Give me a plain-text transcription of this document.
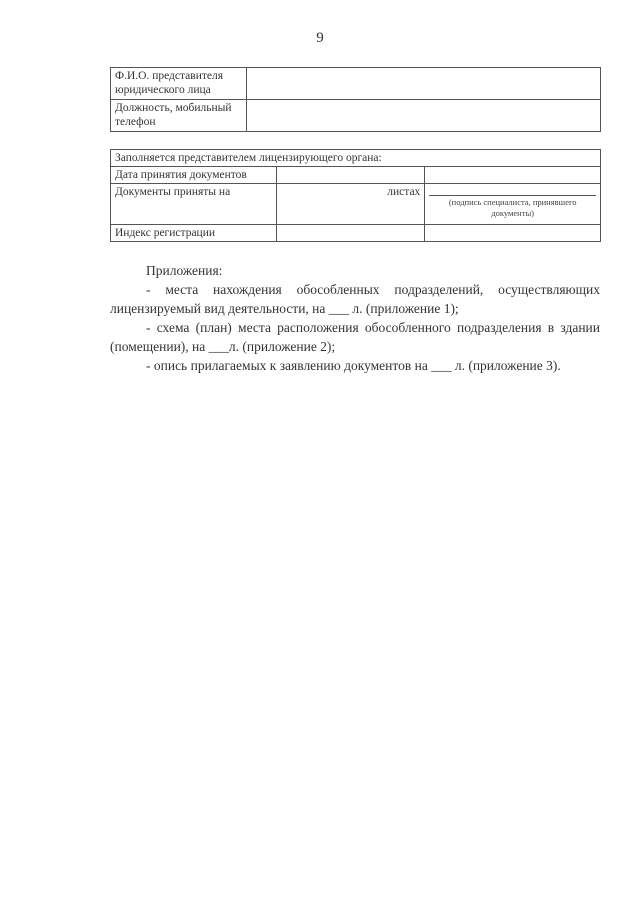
9
Ф.И.О. представителя юридического лица	
Должность, мобильный телефон	
Заполняется представителем лицензирующего органа:		
Дата принятия документов		
Документы приняты на	листах	(подпись специалиста, принявшего документы)

Индекс регистрации		

Приложения:

- места нахождения обособленных подразделений, осуществляющих лицензируемый вид деятельности, на ___ л. (приложение 1);

- схема (план) места расположения обособленного подразделения в здании (помещении), на ___л. (приложение 2);

- опись прилагаемых к заявлению документов на ___ л. (приложение 3).
